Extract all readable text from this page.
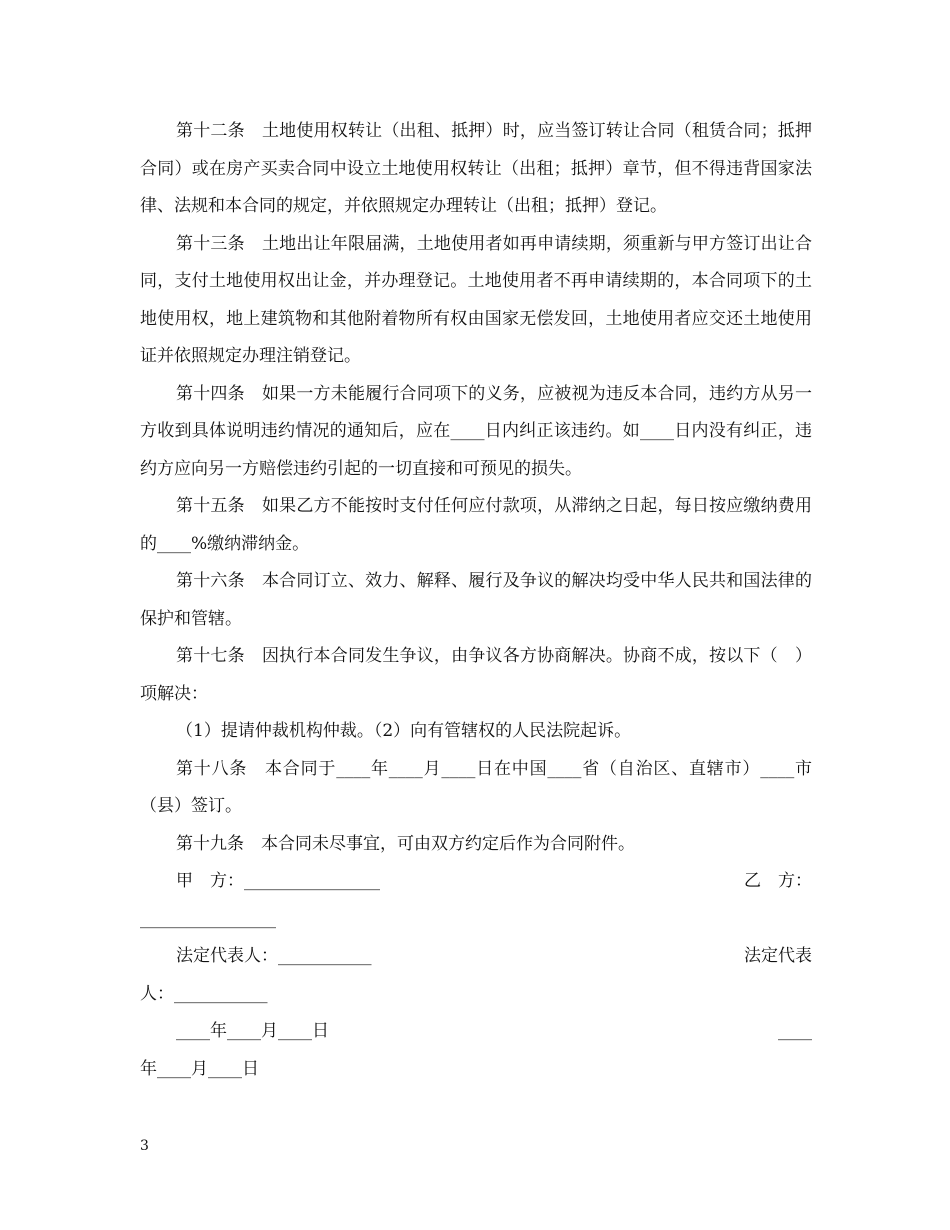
第十二条　土地使用权转让（出租、抵押）时，应当签订转让合同（租赁合同；抵押合同）或在房产买卖合同中设立土地使用权转让（出租；抵押）章节，但不得违背国家法律、法规和本合同的规定，并依照规定办理转让（出租；抵押）登记。

第十三条　土地出让年限届满，土地使用者如再申请续期，须重新与甲方签订出让合同，支付土地使用权出让金，并办理登记。土地使用者不再申请续期的，本合同项下的土地使用权，地上建筑物和其他附着物所有权由国家无偿发回，土地使用者应交还土地使用证并依照规定办理注销登记。

第十四条　如果一方未能履行合同项下的义务，应被视为违反本合同，违约方从另一方收到具体说明违约情况的通知后，应在____日内纠正该违约。如____日内没有纠正，违约方应向另一方赔偿违约引起的一切直接和可预见的损失。

第十五条　如果乙方不能按时支付任何应付款项，从滞纳之日起，每日按应缴纳费用的____%缴纳滞纳金。

第十六条　本合同订立、效力、解释、履行及争议的解决均受中华人民共和国法律的保护和管辖。

第十七条　因执行本合同发生争议，由争议各方协商解决。协商不成，按以下（　）项解决：

（1）提请仲裁机构仲裁。（2）向有管辖权的人民法院起诉。

第十八条　本合同于____年____月____日在中国____省（自治区、直辖市）____市（县）签订。

第十九条　本合同未尽事宜，可由双方约定后作为合同附件。

甲　方：________________	乙　方：
________________
法定代表人：___________	法定代表
人：___________
____年____月____日	____
年____月____日
3
